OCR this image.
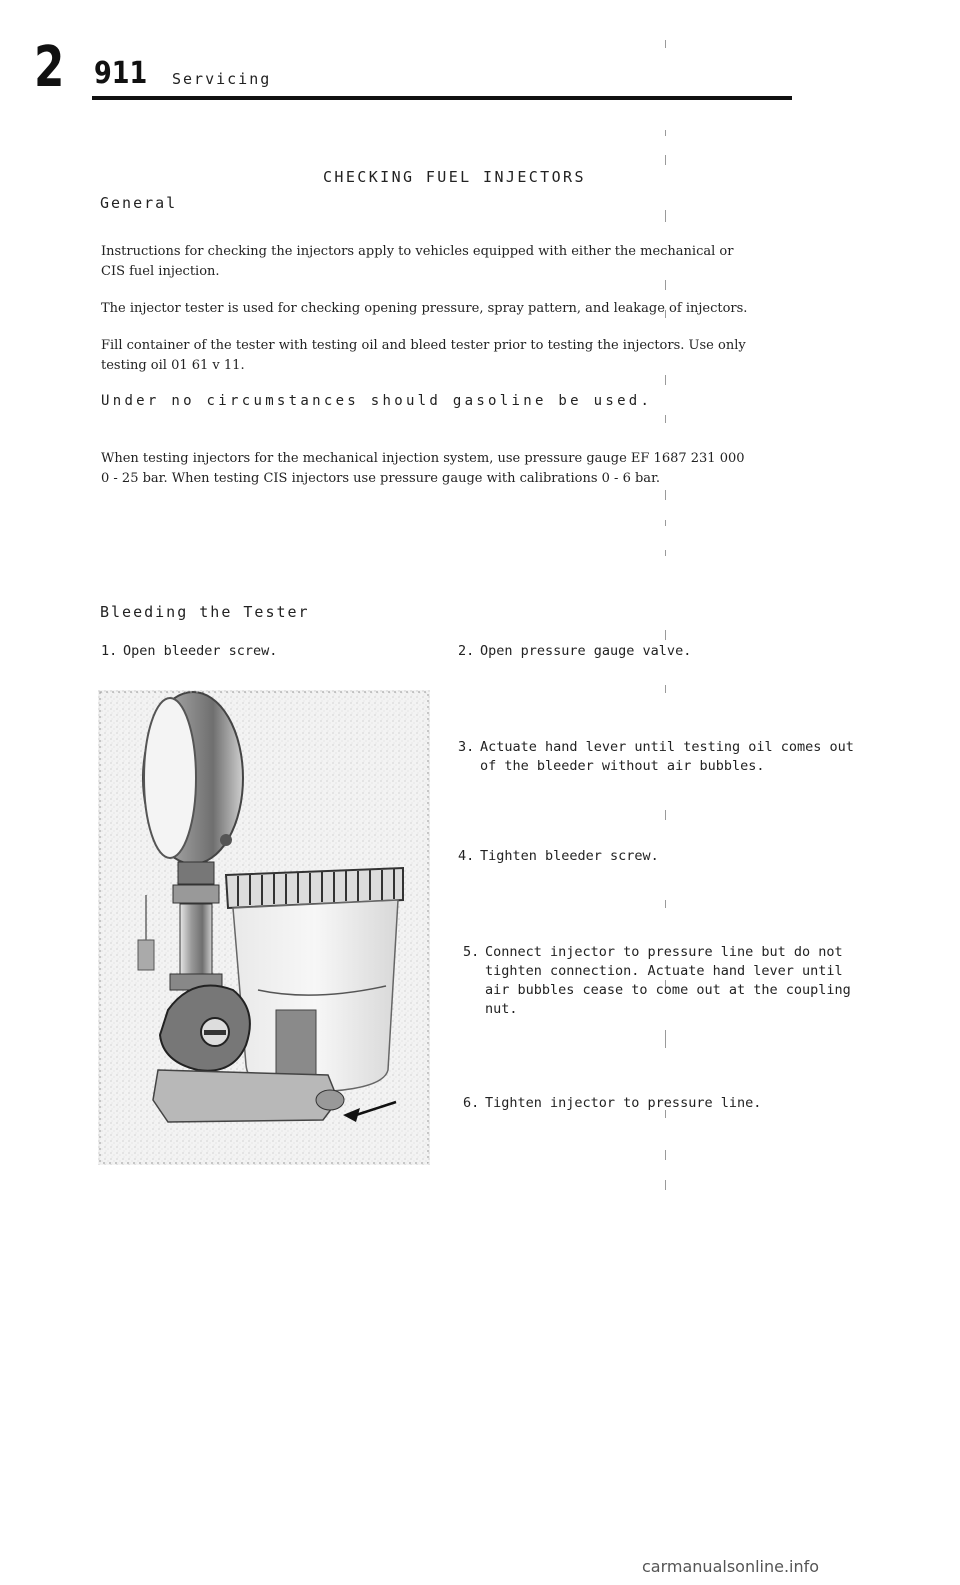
2 911 Servicing
CHECKING FUEL INJECTORS
General
Instructions for checking the injectors apply to vehicles equipped with either the mechanical or
CIS fuel injection.
The injector tester is used for checking opening pressure, spray pattern, and leakage of injectors.
Fill container of the tester with testing oil and bleed tester prior to testing the injectors. Use only
testing oil 01 61 v 11.
Under no circumstances should gasoline be used.
When testing injectors for the mechanical injection system, use pressure gauge EF 1687 231 000
0 - 25 bar. When testing CIS injectors use pressure gauge with calibrations 0 - 6 bar.
Bleeding the Tester
1. Open bleeder screw.	2. Open pressure gauge valve.
3. Actuate hand lever until testing oil comes out
of the bleeder without air bubbles.
4. Tighten bleeder screw.
5. Connect injector to pressure line but do not
tighten connection. Actuate hand lever until
air bubbles cease to come out at the coupling
nut.
6. Tighten injector to pressure line.
carmanualsonline.info
